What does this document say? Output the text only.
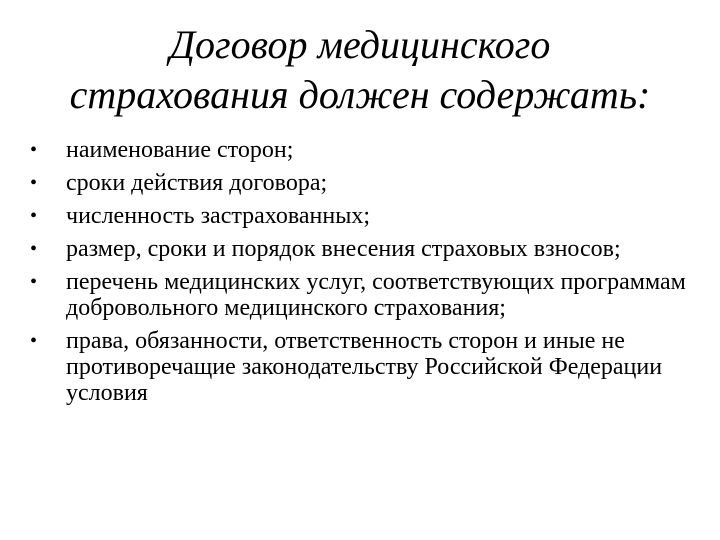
Договор медицинского
страхования должен содержать:
• наименование сторон;
• сроки действия договора;
• численность застрахованных;
• размер, сроки и порядок внесения страховых взносов;
• перечень медицинских услуг, соответствующих программам добровольного медицинского страхования;
• права, обязанности, ответственность сторон и иные не противоречащие законодательству Российской Федерации условия
